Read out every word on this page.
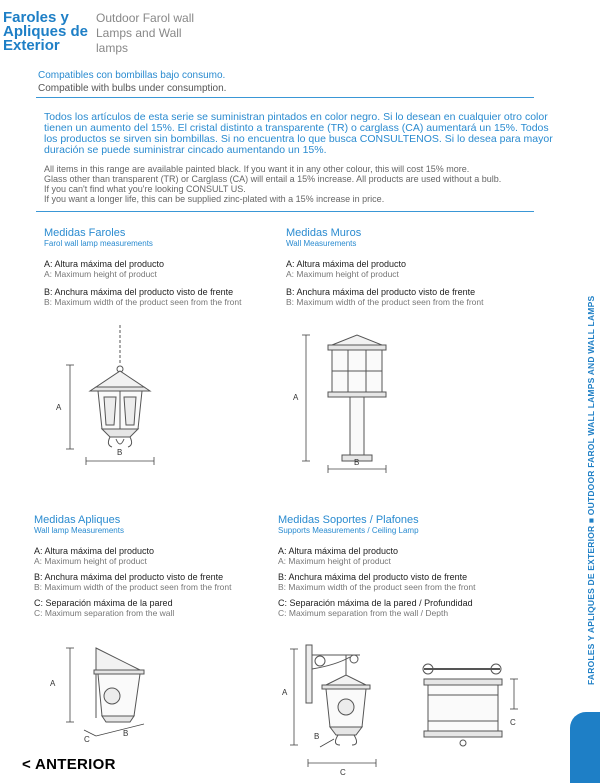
Faroles y Apliques de Exterior
Outdoor Farol wall Lamps and Wall lamps
Compatibles con bombillas bajo consumo.
Compatible with bulbs under consumption.
Todos los artículos de esta serie se suministran pintados en color negro. Si lo desean en cualquier otro color tienen un aumento del 15%. El cristal distinto a transparente (TR) o carglass (CA) aumentará un 15%. Todos los productos se sirven sin bombillas. Si no encuentra lo que busca CONSULTENOS. Si lo desea para mayor duración se puede suministrar cincado aumentando un 15%.
All items in this range are available painted black. If you want it in any other colour, this will cost 15% more.
Glass other than transparent (TR) or Carglass (CA) will entail a 15% increase. All products are used without a bulb.
If you can't find what you're looking CONSULT US.
If you want a longer life, this can be supplied zinc-plated with a 15% increase in price.
Medidas Faroles
Farol wall lamp measurements
A: Altura máxima del producto
A: Maximum height of product
B: Anchura máxima del producto visto de frente
B: Maximum width of the product seen from the front
Medidas Muros
Wall Measurements
A: Altura máxima del producto
A: Maximum height of product
B: Anchura máxima del producto visto de frente
B: Maximum width of the product seen from the front
A
B
A
B
Medidas Apliques
Wall lamp Measurements
A: Altura máxima del producto
A: Maximum height of product
B: Anchura máxima del producto visto de frente
B: Maximum width of the product seen from the front
C: Separación máxima de la pared
C: Maximum separation from the wall
Medidas Soportes / Plafones
Supports Measurements / Ceiling Lamp
A: Altura máxima del producto
A: Maximum height of product
B: Anchura máxima del producto visto de frente
B: Maximum width of the product seen from the front
C: Separación máxima de la pared / Profundidad
C: Maximum separation from the wall / Depth
A
B
C
A
B
C
C
FAROLES Y APLIQUES DE EXTERIOR ■ OUTDOOR FAROL WALL LAMPS AND WALL LAMPS
< ANTERIOR
